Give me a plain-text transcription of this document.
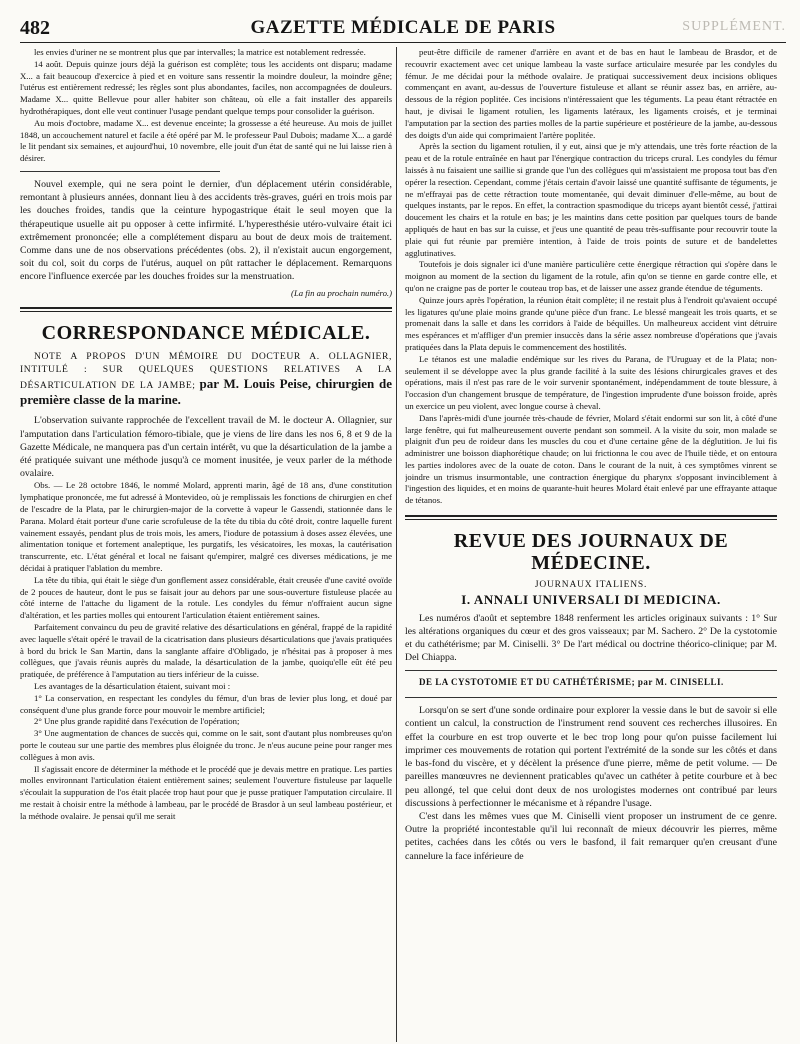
482	GAZETTE MÉDICALE DE PARIS	SUPPLÉMENT.

les envies d'uriner ne se montrent plus que par intervalles; la matrice est notablement redressée.

14 août. Depuis quinze jours déjà la guérison est complète; tous les accidents ont disparu; madame X... a fait beaucoup d'exercice à pied et en voiture sans ressentir la moindre douleur, la moindre gêne; l'utérus est entièrement redressé; les règles sont plus abondantes, faciles, non accompagnées de douleurs. Madame X... quitte Bellevue pour aller habiter son château, où elle a fait installer des appareils hydrothérapiques, dont elle veut continuer l'usage pendant quelque temps pour consolider la guérison.

Au mois d'octobre, madame X... est devenue enceinte; la grossesse a été heureuse. Au mois de juillet 1848, un accouchement naturel et facile a été opéré par M. le professeur Paul Dubois; madame X... a gardé le lit pendant six semaines, et aujourd'hui, 10 novembre, elle jouit d'un état de santé qui ne lui laisse rien à désirer.

Nouvel exemple, qui ne sera point le dernier, d'un déplacement utérin considérable, remontant à plusieurs années, donnant lieu à des accidents très-graves, guéri en trois mois par les douches froides, tandis que la ceinture hypogastrique était le seul moyen que la thérapeutique usuelle ait pu opposer à cette infirmité. L'hyperesthésie utéro-vulvaire était ici extrêmement prononcée; elle a complétement disparu au bout de deux mois de traitement. Comme dans une de nos observations précédentes (obs. 2), il n'existait aucun engorgement, soit du col, soit du corps de l'utérus, auquel on pût rattacher le déplacement. Remarquons encore l'influence exercée par les douches froides sur la menstruation.

(La fin au prochain numéro.)

CORRESPONDANCE MÉDICALE.
NOTE A PROPOS D'UN MÉMOIRE DU DOCTEUR A. OLLAGNIER, INTITULÉ : SUR QUELQUES QUESTIONS RELATIVES A LA DÉSARTICULATION DE LA JAMBE; par M. Louis Peise, chirurgien de première classe de la marine.

L'observation suivante rapprochée de l'excellent travail de M. le docteur A. Ollagnier, sur l'amputation dans l'articulation fémoro-tibiale, que je viens de lire dans les nos 6, 8 et 9 de la Gazette Médicale, ne manquera pas d'un certain intérêt, vu que la désarticulation de la jambe a été pratiquée suivant une méthode jusqu'à ce moment inusitée, je veux parler de la méthode ovalaire.

Obs. — Le 28 octobre 1846, le nommé Molard, apprenti marin, âgé de 18 ans, d'une constitution lymphatique prononcée, me fut adressé à Montevideo, où je remplissais les fonctions de chirurgien en chef de l'escadre de la Plata, par le chirurgien-major de la corvette à vapeur le Gassendi, stationnée dans le Parana. Molard était porteur d'une carie scrofuleuse de la tête du tibia du côté droit, contre laquelle furent vainement essayés, pendant plus de trois mois, les amers, l'iodure de potassium à doses assez élevées, une alimentation tonique et fortement analeptique, les purgatifs, les vésicatoires, les moxas, la cautérisation transcurrente, etc. L'état général et local ne faisant qu'empirer, malgré ces diverses médications, je me décidai à pratiquer l'ablation du membre.

La tête du tibia, qui était le siège d'un gonflement assez considérable, était creusée d'une cavité ovoïde de 2 pouces de hauteur, dont le pus se faisait jour au dehors par une sous-ouverture fistuleuse placée au côté interne de l'attache du ligament de la rotule. Les condyles du fémur n'offraient aucun signe d'altération, et les parties molles qui entourent l'articulation étaient entièrement saines.

Parfaitement convaincu du peu de gravité relative des désarticulations en général, frappé de la rapidité avec laquelle s'était opéré le travail de la cicatrisation dans plusieurs désarticulations que j'avais pratiquées à bord du brick le San Martin, dans la sanglante affaire d'Obligado, je n'hésitai pas à proposer à mes collègues, que j'avais réunis auprès du malade, la désarticulation de la jambe, quoiqu'elle eût été peu pratiquée, de préférence à l'amputation au tiers inférieur de la cuisse.

Les avantages de la désarticulation étaient, suivant moi :

1° La conservation, en respectant les condyles du fémur, d'un bras de levier plus long, et doué par conséquent d'une plus grande force pour mouvoir le membre artificiel;

2° Une plus grande rapidité dans l'exécution de l'opération;

3° Une augmentation de chances de succès qui, comme on le sait, sont d'autant plus nombreuses qu'on porte le couteau sur une partie des membres plus éloignée du tronc. Je n'eus aucune peine pour ranger mes collègues à mon avis.

Il s'agissait encore de déterminer la méthode et le procédé que je devais mettre en pratique. Les parties molles environnant l'articulation étaient entièrement saines; seulement l'ouverture fistuleuse par laquelle s'écoulait la suppuration de l'os était placée trop haut pour que je pusse pratiquer l'amputation circulaire. Il me restait à choisir entre la méthode à lambeau, par le procédé de Brasdor à un seul lambeau postérieur, et la méthode ovalaire. Je pensai qu'il me serait

peut-être difficile de ramener d'arrière en avant et de bas en haut le lambeau de Brasdor, et de recouvrir exactement avec cet unique lambeau la vaste surface articulaire mesurée par les condyles du fémur. Je me décidai pour la méthode ovalaire. Je pratiquai successivement deux incisions obliques commençant en avant, au-dessus de l'ouverture fistuleuse et allant se réunir assez bas, en arrière, au-dessous de la région poplitée. Ces incisions n'intéressaient que les téguments. La peau étant rétractée en haut, je divisai le ligament rotulien, les ligaments latéraux, les ligaments croisés, et je terminai l'amputation par la section des parties molles de la partie supérieure et postérieure de la jambe, au-dessous des doigts d'un aide qui comprimaient l'artère poplitée.

Après la section du ligament rotulien, il y eut, ainsi que je m'y attendais, une très forte réaction de la peau et de la rotule entraînée en haut par l'énergique contraction du triceps crural. Les condyles du fémur laissés à nu faisaient une saillie si grande que l'un des collègues qui m'assistaient me proposa tout bas d'en opérer la resection. Cependant, comme j'étais certain d'avoir laissé une quantité suffisante de téguments, je ne m'effrayai pas de cette rétraction toute momentanée, qui devait diminuer d'elle-même, au bout de quelques instants, par le repos. En effet, la contraction spasmodique du triceps ayant bientôt cessé, j'attirai doucement les chairs et la rotule en bas; je les maintins dans cette position par quelques tours de bande appliqués de haut en bas sur la cuisse, et j'eus une quantité de peau très-suffisante pour recouvrir toute la plaie qui fut réunie par première intention, à l'aide de trois points de suture et de bandelettes agglutinatives.

Toutefois je dois signaler ici d'une manière particulière cette énergique rétraction qui s'opère dans le moignon au moment de la section du ligament de la rotule, afin qu'on se tienne en garde contre elle, et qu'on ne craigne pas de porter le couteau trop bas, et de laisser une assez grande étendue de téguments.

Quinze jours après l'opération, la réunion était complète; il ne restait plus à l'endroit qu'avaient occupé les ligatures qu'une plaie moins grande qu'une pièce d'un franc. Le blessé mangeait les trois quarts, et se promenait dans la salle et dans les corridors à l'aide de béquilles. Un malheureux accident vint détruire mes espérances et m'affliger d'un premier insuccès dans la série assez nombreuse d'opérations que j'avais pratiquées dans la Plata depuis le commencement des hostilités.

Le tétanos est une maladie endémique sur les rives du Parana, de l'Uruguay et de la Plata; non-seulement il se développe avec la plus grande facilité à la suite des lésions chirurgicales graves et des opérations, mais il n'est pas rare de le voir survenir spontanément, indépendamment de toute blessure, à l'occasion d'un changement brusque de température, de l'ingestion imprudente d'une boisson froide, après un exercice un peu violent, avec longue course à cheval.

Dans l'après-midi d'une journée très-chaude de février, Molard s'était endormi sur son lit, à côté d'une large fenêtre, qui fut malheureusement ouverte pendant son sommeil. A la visite du soir, mon malade se plaignit d'un peu de roideur dans les muscles du cou et d'une certaine gêne de la déglutition. Je lui fis administrer une boisson diaphorétique chaude; on lui frictionna le cou avec de l'huile tiède, et on entoura les parties indolores avec de la ouate de coton. Dans le courant de la nuit, à ces symptômes vinrent se joindre un trismus insurmontable, une contraction énergique du pharynx s'opposant invinciblement à l'ingestion des liquides, et en moins de quarante-huit heures Molard était enlevé par une effrayante attaque de tétanos.

REVUE DES JOURNAUX DE MÉDECINE.
JOURNAUX ITALIENS.
I. ANNALI UNIVERSALI DI MEDICINA.

Les numéros d'août et septembre 1848 renferment les articles originaux suivants : 1° Sur les altérations organiques du cœur et des gros vaisseaux; par M. Sachero. 2° De la cystotomie et du cathétérisme; par M. Ciniselli. 3° De l'art médical ou doctrine théorico-clinique; par M. Del Chiappa.

DE LA CYSTOTOMIE ET DU CATHÉTÉRISME; par M. CINISELLI.

Lorsqu'on se sert d'une sonde ordinaire pour explorer la vessie dans le but de savoir si elle contient un calcul, la construction de l'instrument rend souvent ces recherches illusoires. En effet la courbure en est trop ouverte et le bec trop long pour qu'on puisse facilement lui imprimer ces mouvements de rotation qui portent l'extrémité de la sonde sur les côtés et dans le bas-fond du viscère, et y décèlent la présence d'une pierre, même de petit volume. — De pareilles manœuvres ne deviennent praticables qu'avec un cathéter à petite courbure et à bec peu allongé, tel que celui dont deux de nos urologistes modernes ont contribué par leurs discussions à perfectionner le mécanisme et à répandre l'usage.

C'est dans les mêmes vues que M. Ciniselli vient proposer un instrument de ce genre. Outre la propriété incontestable qu'il lui reconnaît de mieux découvrir les pierres, même petites, cachées dans les côtés ou vers le basfond, il fait remarquer qu'en creusant d'une cannelure la face inférieure de
